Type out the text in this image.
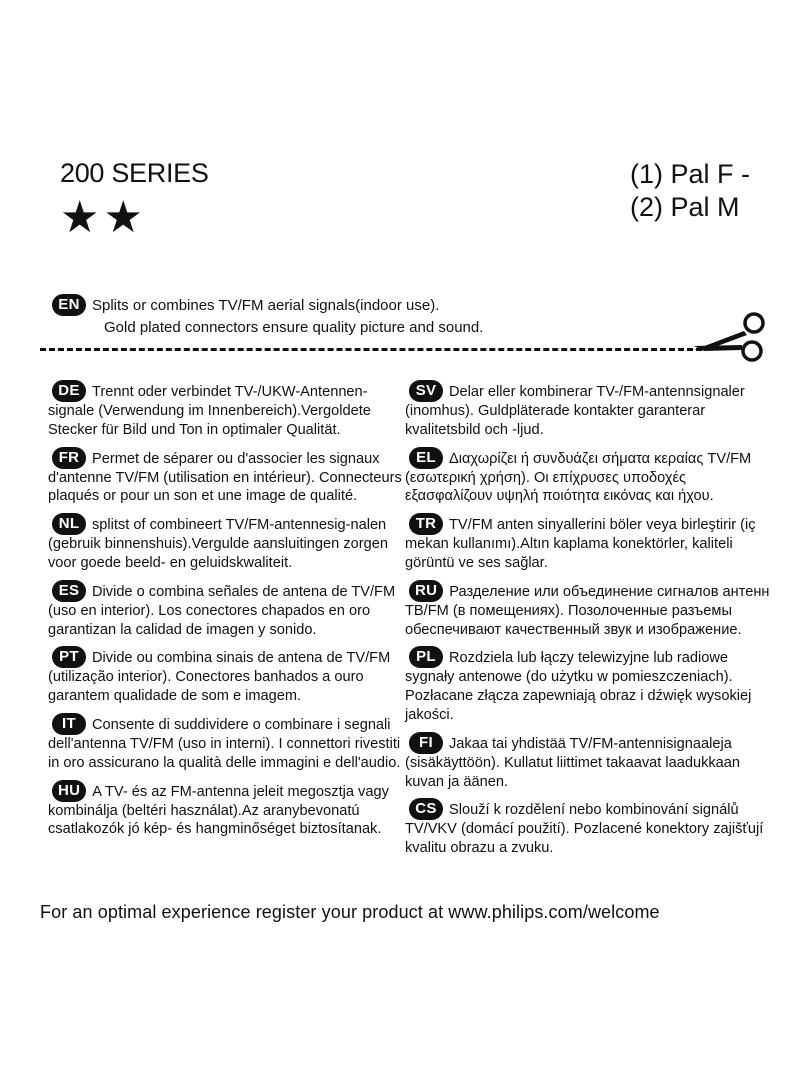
200 SERIES
★★
(1) Pal F -
(2) Pal M
EN Splits or combines TV/FM aerial signals(indoor use).
Gold plated connectors ensure quality picture and sound.
DE Trennt oder verbindet TV-/UKW-Antennen-signale (Verwendung im Innenbereich).Vergoldete Stecker für Bild und Ton in optimaler Qualität.
FR Permet de séparer ou d'associer les signaux d'antenne TV/FM (utilisation en intérieur). Connecteurs plaqués or pour un son et une image de qualité.
NL splitst of combineert TV/FM-antennesig-nalen (gebruik binnenshuis).Vergulde aansluitingen zorgen voor goede beeld- en geluidskwaliteit.
ES Divide o combina señales de antena de TV/FM (uso en interior). Los conectores chapados en oro garantizan la calidad de imagen y sonido.
PT Divide ou combina sinais de antena de TV/FM (utilização interior). Conectores banhados a ouro garantem qualidade de som e imagem.
IT Consente di suddividere o combinare i segnali dell'antenna TV/FM (uso in interni). I connettori rivestiti in oro assicurano la qualità delle immagini e dell'audio.
HU A TV- és az FM-antenna jeleit megosztja vagy kombinálja (beltéri használat).Az aranybevonatú csatlakozók jó kép- és hangminőséget biztosítanak.
SV Delar eller kombinerar TV-/FM-antennsignaler (inomhus). Guldpläterade kontakter garanterar kvalitetsbild och -ljud.
EL Διαχωρίζει ή συνδυάζει σήματα κεραίας TV/FM (εσωτερική χρήση). Οι επίχρυσες υποδοχές εξασφαλίζουν υψηλή ποιότητα εικόνας και ήχου.
TR TV/FM anten sinyallerini böler veya birleştirir (iç mekan kullanımı).Altın kaplama konektörler, kaliteli görüntü ve ses sağlar.
RU Разделение или объединение сигналов антенн ТВ/FM (в помещениях). Позолоченные разъемы обеспечивают качественный звук и изображение.
PL Rozdziela lub łączy telewizyjne lub radiowe sygnały antenowe (do użytku w pomieszczeniach). Pozłacane złącza zapewniają obraz i dźwięk wysokiej jakości.
FI Jakaa tai yhdistää TV/FM-antennisignaaleja (sisäkäyttöön). Kullatut liittimet takaavat laadukkaan kuvan ja äänen.
CS Slouží k rozdělení nebo kombinování signálů TV/VKV (domácí použití). Pozlacené konektory zajišťují kvalitu obrazu a zvuku.
For an optimal experience register your product at www.philips.com/welcome
